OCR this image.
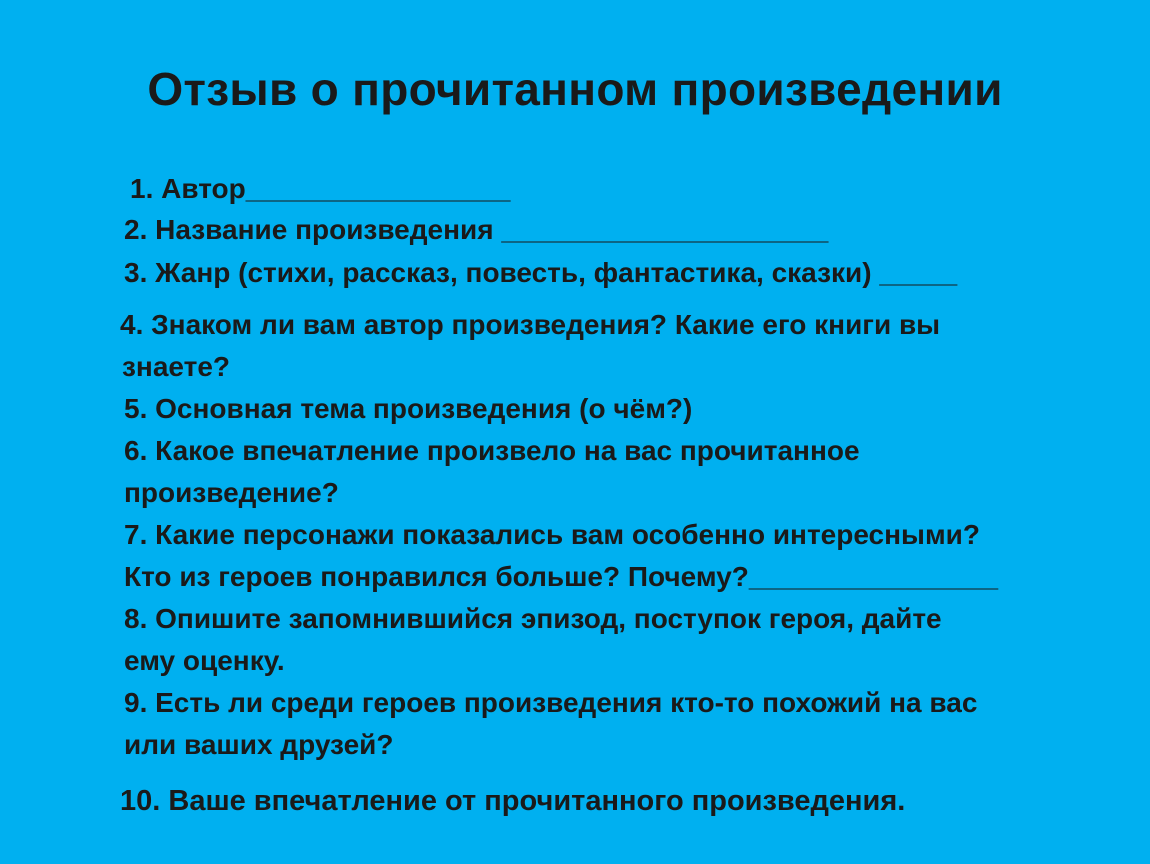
Отзыв о прочитанном произведении
1. Автор_________________
2. Название произведения _____________________
3. Жанр (стихи, рассказ, повесть, фантастика, сказки) _____
4. Знаком ли вам автор произведения? Какие его книги вы
знаете?
5. Основная тема произведения (о чём?)
6. Какое впечатление произвело на вас прочитанное
произведение?
7. Какие персонажи показались вам особенно интересными?
Кто из героев понравился больше? Почему?________________
8. Опишите запомнившийся эпизод, поступок героя, дайте
ему оценку.
9. Есть ли среди героев произведения кто-то похожий на вас
или ваших друзей?
10. Ваше впечатление от прочитанного произведения.
